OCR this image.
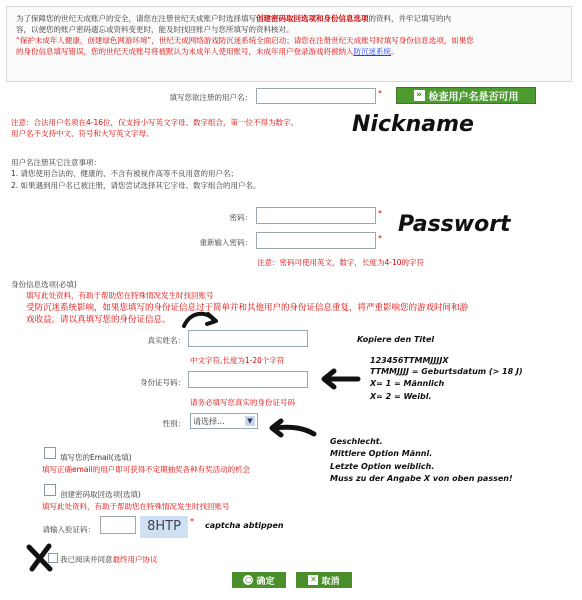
为了保障您的世纪天成账户的安全，请您在注册世纪天成账户时选择填写创建密码取回选项和身份信息选项的资料，并牢记填写的内

容，以便您的账户密码遗忘或资料变更时，能及时找回账户与您所填写的资料核对。

“保护未成年人健康，创建绿色网游环境”，世纪天成网络游戏防沉迷系统全面启动；请您在注册世纪天成账号时填写身份信息选项，如果您

的身份信息填写错误，您的世纪天成账号将被默认为未成年人使用账号，未成年用户登录游戏将被纳入防沉迷系统。

填写您欲注册的用户名：	*	» 检查用户名是否可用
注意：合法用户名须在4-16位，仅支持小写英文字母、数字组合，第一位不得为数字。
用户名不支持中文、符号和大写英文字母。	Nickname
用户名注册其它注意事项：
1. 请您使用合法的、健康的、不含有被视作高等不良用意的用户名；
2. 如果遇到用户名已被注册，请您尝试选择其它字母、数字组合的用户名。
密码：	*
重新输入密码：	*
注意：密码可使用英文，数字，长度为4-10的字符
Passwort
身份信息选项(必填)
填写此处资料，有助于帮助您在特殊情况发生时找回账号
受防沉迷系统影响，如果您填写的身份证信息过于简单并和其他用户的身份证信息重复，将严重影响您的游戏时间和游
戏收益。请以真填写您的身份证信息。
真实姓名：
中文字符,长度为1-20个字符
Kopiere den Titel
身份证号码：
请务必填写您真实的身份证号码
123456TTMMJJJJX
TTMMJJJJ = Geburtsdatum (> 18 J)
X= 1 = Männlich
X= 2 = Weibl.
性别： 请选择...	▼
Geschlecht.
Mittlere Option Männl.
Letzte Option weiblich.
Muss zu der Angabe X von oben passen!
填写您的Email(选填)
填写正确email的用户即可获得不定期抽奖各种有奖活动的机会
创建密码取回选项(选填)
填写此处资料，有助于帮助您在特殊情况发生时找回账号
请输入验证码：	8HTP	* captcha abtippen
我已阅读并同意最终用户协议
○ 确定	✕ 取消
